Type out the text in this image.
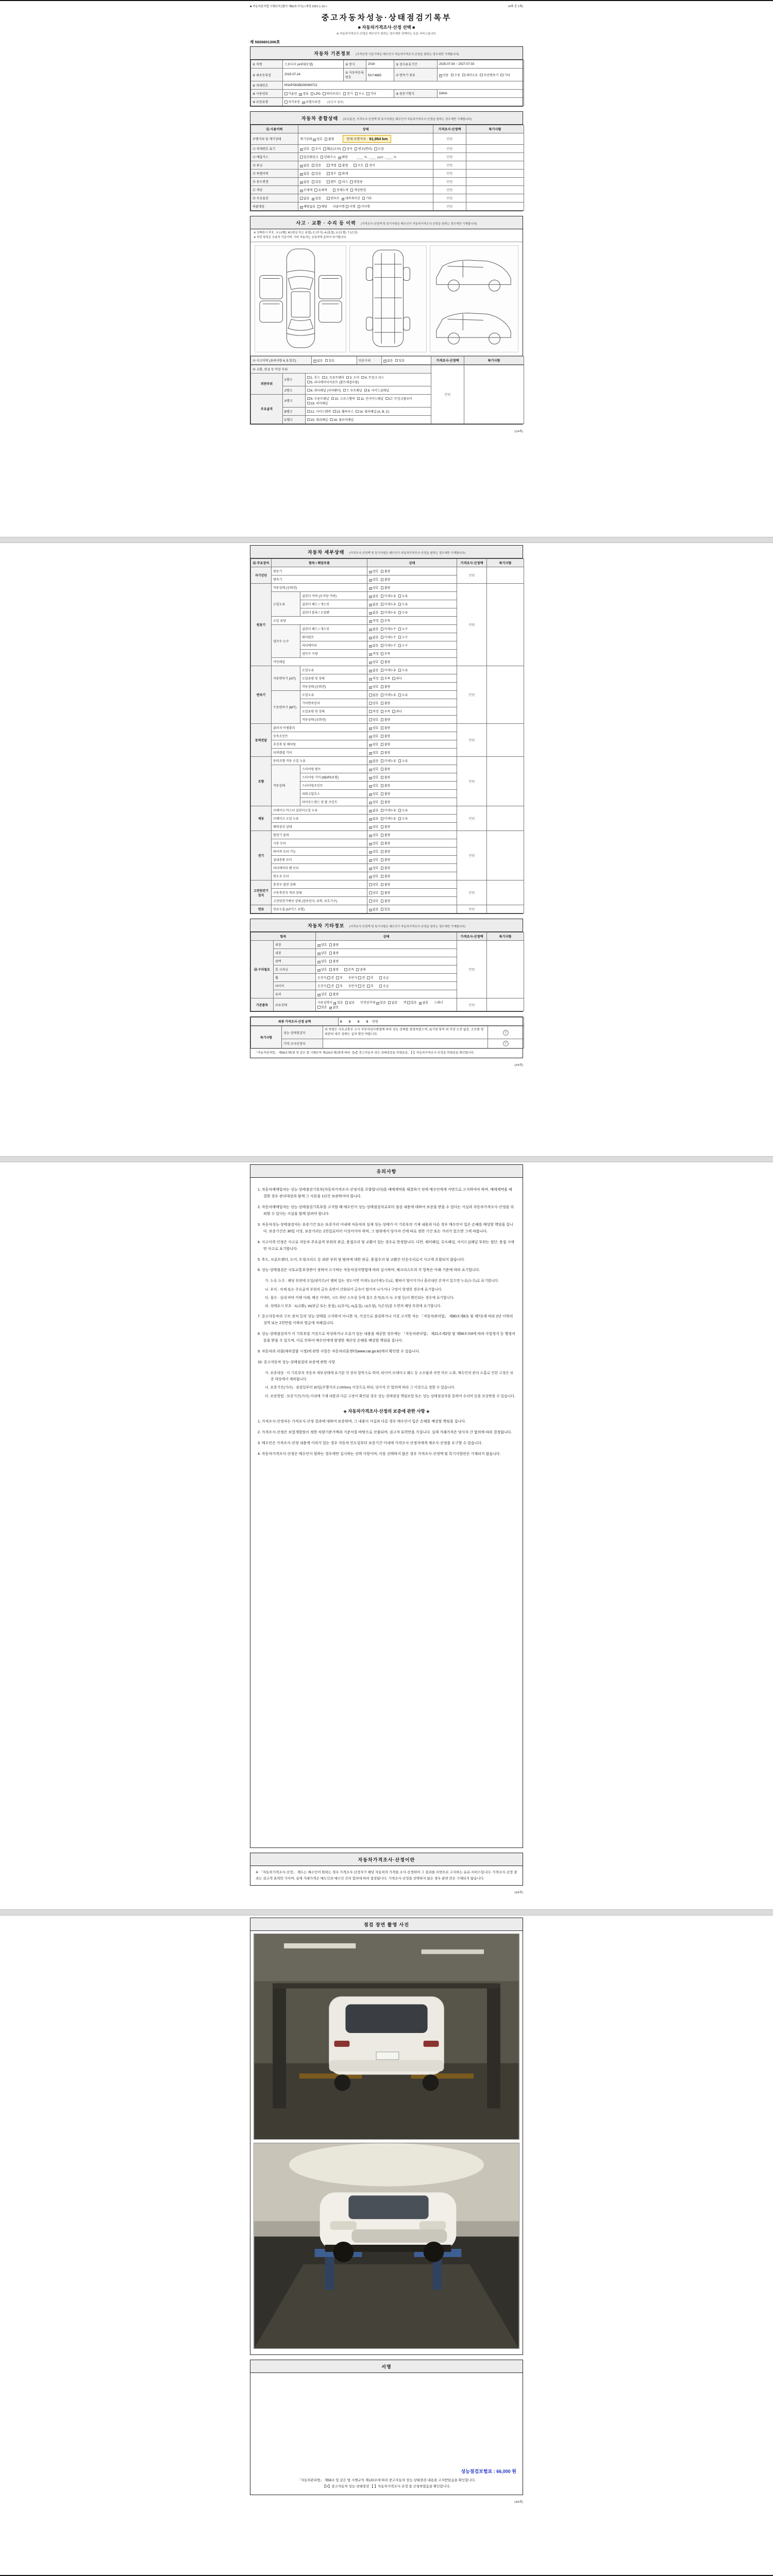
■ 자동차관리법 시행규칙 [별지 제82호서식] <개정 2021.1.19.>	(4쪽 중 1쪽)
중고자동차성능·상태점검기록부
■ 자동차가격조사·산정 선택 ■
※ 자동차가격조사·산정은 매수인이 원하는 경우에만 선택하는 유료 서비스입니다.
제 5926601306호
자동차 기본정보 (가격산정 기준가격은 매수인이 자동차가격조사·산정을 원하는 경우에만 기재합니다)
① 차명	스포티지 (4세대모델)	② 연식	2016	③ 검사유효기간	2025-07-04 ~ 2027-07-03
④ 최초등록일	2015-07-24	⑤ 자동차등록번호	53구4885	⑦ 변속기 종류	✓자동 수동 세미오토 무단변속기 기타
⑥ 차대번호	KNAPS81BDGK940721				
⑧ 사용연료	가솔린 ✓경유 LPG 하이브리드 전기 수소 기타			⑨ 원동기형식	D4HA
⑩ 보증유형	자가보증 ✓보험사보증 (보증서 첨부)				
자동차 종합상태 (주요옵션, 가격조사·산정액 및 특기사항은 매수인이 자동차가격조사·산정을 원하는 경우에만 기재합니다)
⑪ 사용이력	상태	가격조사·산정액	특기사항
주행거리 및 계기상태	계기상태 ✓양호 불량 현재 주행거리 : 91,954 km	만원	
⑫ 차대번호 표기	✓양호 부식 훼손(오타) 상이 변조(변타) 도말	만원	
⑬ 배출가스	일산화탄소 탄화수소 ✓매연 ____ % , ____ ppm , ____ %	만원	
⑭ 튜닝	✓없음 있음 적법 불법 구조 장치	만원	
⑮ 특별이력	✓없음 있음 침수 화재	만원	
⑯ 용도변경	✓없음 있음 렌트 리스 영업용	만원	
⑰ 색상	✓무채색 유채색 전체도색 색상변경	만원	
⑱ 주요옵션	없음 ✓있음 썬루프 ✓네비게이션 기타	만원	
리콜대상	✓해당없음 해당 리콜이행 이행 미이행	만원	
사고 · 교환 · 수리 등 이력 (가격조사·산정액 및 특기사항은 매수인이 자동차가격조사·산정을 원하는 경우에만 기재합니다)
※ 상태표시 부호 : X (교환), W (판금 또는 용접), C (부식), A (흠집), U (요철), T (손상)
※ 하단 항목은 승용차 기준이며, 기타 자동차는 승용차에 준하여 표기합니다.
⑲ 사고이력 (유의사항 4, 5 참조)	✓없음 있음	단순수리	✓없음 있음	가격조사·산정액	특기사항
⑳ 교환, 판금 등 이상 부위			만원	
외판부위	1랭크	1. 후드 2. 프론트펜더 3. 도어 4. 트렁크 리드5. 라디에이터서포트 (볼트체결부품)		
	2랭크	6. 쿼터패널 (리어펜더) 7. 루프패널 8. 사이드실패널		
주요골격	A랭크	9. 프론트패널 10. 크로스멤버 11. 인사이드패널 17. 트렁크플로어18. 리어패널		
	B랭크	12. 사이드멤버 13. 휠하우스 14. 필러패널 (A, B, C)		
	C랭크	15. 대쉬패널 16. 플로어패널		
(1/4쪽)
자동차 세부상태 (가격조사·산정액 및 특기사항은 매수인이 자동차가격조사·산정을 원하는 경우에만 기재합니다)
㉑ 주요장치	항목 / 해당부품		상태	가격조사·산정액	특기사항
자기진단	원동기		✓양호 불량	만원	
	변속기		✓양호 불량		
원동기	작동상태 (공회전)		✓양호 불량	만원	
	오일누유	실린더 커버 (로커암 커버)	✓없음 미세누유 누유		
		실린더 헤드 / 개스킷	✓없음 미세누유 누유		
		실린더 블록 / 오일팬	✓없음 미세누유 누유		
	오일 유량		✓적정 부족		
	냉각수 누수	실린더 헤드 / 개스킷	✓없음 미세누수 누수		
		워터펌프	✓없음 미세누수 누수		
		라디에이터	✓없음 미세누수 누수		
		냉각수 수량	✓적정 부족		
	커먼레일		✓양호 불량		
변속기	자동변속기 (A/T)	오일누유	✓없음 미세누유 누유	만원	
		오일유량 및 상태	✓적정 부족 과다		
		작동상태 (공회전)	✓양호 불량		
	수동변속기 (M/T)	오일누유	없음 미세누유 누유		
		기어변속장치	양호 불량		
		오일유량 및 상태	적정 부족 과다		
		작동상태 (공회전)	양호 불량		
동력전달	클러치 어셈블리		✓양호 불량	만원	
	등속조인트		✓양호 불량		
	추진축 및 베어링		✓양호 불량		
	디퍼렌셜 기어		✓양호 불량		
조향	동력조향 작동 오일 누유		✓없음 미세누유 누유	만원	
	작동상태	스티어링 펌프	✓양호 불량		
		스티어링 기어 (MDPS포함)	✓양호 불량		
		스티어링조인트	✓양호 불량		
		파워고압호스	✓양호 불량		
		타이로드엔드 및 볼 조인트	✓양호 불량		
제동	브레이크 마스터 실린더오일 누유		✓없음 미세누유 누유	만원	
	브레이크 오일 누유		✓없음 미세누유 누유		
	배력장치 상태		✓양호 불량		
전기	발전기 출력		✓양호 불량	만원	
	시동 모터		✓양호 불량		
	와이퍼 모터 기능		✓양호 불량		
	실내송풍 모터		✓양호 불량		
	라디에이터 팬 모터		✓양호 불량		
	윈도우 모터		✓양호 불량		
고전원전기장치	충전구 절연 상태		양호 불량	만원	
	구동축전지 격리 상태		양호 불량		
	고전원전기배선 상태 (접속단자, 피복, 보호기구)		양호 불량		
연료	연료누출 (LP가스 포함)		✓없음 있음	만원	
자동차 기타정보 (가격조사·산정액 및 특기사항은 매수인이 자동차가격조사·산정을 원하는 경우에만 기재합니다)
항목		상태	가격조사·산정액	특기사항
㉒ 수리필요	외장	✓양호 불량	만원	
	내장	✓양호 불량		
	광택	✓양호 불량		
	룸 크리닝	✓양호 불량 흔적 냄새		
	휠	운전석 전 후 동반석 전 후 응급		
	타이어	운전석 전 후 동반석 전 후 응급		
	유리	✓양호 불량		
기본품목	보유상태	사용설명서 ✓있음 없음 안전삼각대 ✓있음 없음 잭 있음 ✓없음 스패너있음 ✓없음	만원	
최종 가격조사·산정 금액	0 0 0 0 만원
특기사항	성능·상태점검자	위 차량은 국토교통부 고시 자동차검사방법에 따라 성능·상태를 점검하였으며, 표기된 항목 외 이상 소견 없음. 소모품 및 외관의 세부 상태는 실차 확인 바랍니다.	인
	가격·조사산정자		인
「자동차관리법」 제58조제1항 및 같은 법 시행규칙 제120조제1항에 따라 【V】중고자동차 성능·상태점검을 하였음을, 【 】자동차가격조사·산정을 하였음을 확인합니다.
(2/4쪽)
유의사항
1. 자동차매매업자는 성능·상태점검기록부(자동차가격조사·산정서를 포함합니다)를 매매계약을 체결하기 전에 매수인에게 서면으로 고지하여야 하며, 매매계약을 체결한 경우 관리대장과 함께 그 사본을 1년간 보관하여야 합니다.
2. 자동차매매업자는 성능·상태점검기록부를 고지할 때 매수인이 성능·상태점검자로부터 점검 내용에 대하여 보증을 받을 수 있다는 사실과 자동차가격조사·산정을 의뢰할 수 있다는 사실을 함께 알려야 합니다.
3. 자동차성능·상태점검자는 보증기간 또는 보증거리 이내에 자동차의 실제 성능·상태가 이 기록부의 기재 내용과 다른 경우 매수인이 입은 손해를 배상할 책임을 집니다. 보증기간은 30일 이상, 보증거리는 2천킬로미터 이상이어야 하며, 그 범위에서 당사자 간에 따로 정한 기간 또는 거리가 있으면 그에 따릅니다.
4. 사고이력 인정은 사고로 자동차 주요골격 부위의 판금, 용접수리 및 교환이 있는 경우로 한정합니다. 다만, 쿼터패널, 루프패널, 사이드실패널 부위는 절단, 용접 시에만 사고로 표기합니다.
5. 후드, 프론트펜더, 도어, 트렁크리드 등 외판 부위 및 범퍼에 대한 판금, 용접수리 및 교환은 단순수리로서 사고에 포함되지 않습니다.
6. 성능·상태점검은 국토교통부장관이 정하여 고시하는 자동차검사방법에 따라 실시하며, 체크리스트의 각 항목은 아래 기준에 따라 표기합니다.
가. 누유·누수 : 해당 부위에 오일(냉각수)이 맺혀 있는 정도이면 미세누유(미세누수)로, 맺혀서 떨어지거나 흘러내린 흔적이 있으면 누유(누수)로 표기합니다.
나. 부식 : 차체 또는 주요골격 부위의 금속 표면이 산화되어 금속이 떨어져 나가거나 구멍이 발생한 경우에 표기합니다.
다. 침수 : 실내 바닥 카펫 아래, 배선 커넥터, 시트 하단 스프링 등에 침수 흔적(토사·녹·오염 등)이 확인되는 경우에 표기합니다.
라. 상태표시 부호 : X(교환), W(판금 또는 용접), C(부식), A(흠집), U(요철), T(손상)를 도면의 해당 부위에 표기합니다.
7. 중고자동차의 구조·장치 등의 성능·상태를 고지하지 아니한 자, 거짓으로 점검하거나 거짓 고지한 자는 「자동차관리법」 제80조제6호 및 제7호에 따라 2년 이하의 징역 또는 2천만원 이하의 벌금에 처해집니다.
8. 성능·상태점검자가 이 기록부를 거짓으로 작성하거나 오류가 있는 내용을 제공한 경우에는 「자동차관리법」 제21조제2항 및 제58조의4에 따라 사업정지 등 행정처분을 받을 수 있으며, 이로 인하여 매수인에게 발생한 재산상 손해를 배상할 책임을 집니다.
9. 자동차의 리콜(제작결함 시정)에 관한 사항은 자동차리콜센터(www.car.go.kr)에서 확인할 수 있습니다.
10. 중고자동차 성능·상태점검의 보증에 관한 사항
가. 보증대상 : 이 기록부의 자동차 세부상태에 표기된 각 장치 항목으로 하며, 타이어·브레이크 패드 등 소모품과 자연 마모·노화, 매수인의 관리 소홀로 인한 고장은 보증 대상에서 제외됩니다.
나. 보증기간(거리) : 점검일부터 30일(주행거리 2,000km) 이상으로 하되, 당사자 간 합의에 따라 그 이상으로 정할 수 있습니다.
다. 보증방법 : 보증기간(거리) 이내에 기재 내용과 다른 고장이 확인된 경우 성능·상태점검 책임보험 또는 성능·상태점검자를 통하여 수리비 등을 보상받을 수 있습니다.
◈ 자동차가격조사·산정의 보증에 관한 사항 ◈
1. 가격조사·산정자는 가격조사·산정 결과에 대하여 보증하며, 그 내용이 사실과 다른 경우 매수인이 입은 손해를 배상할 책임을 집니다.
2. 가격조사·산정은 보험개발원이 정한 차량기준가액과 기준서를 바탕으로 산출되며, 권고적 효력만을 가집니다. 실제 거래가격은 당사자 간 합의에 따라 결정됩니다.
3. 매수인은 가격조사·산정 내용에 이의가 있는 경우 자동차 인도일부터 보증기간 이내에 가격조사·산정자에게 재조사·산정을 요구할 수 있습니다.
4. 자동차가격조사·산정은 매수인이 원하는 경우에만 실시하는 선택 사항이며, 이를 선택하지 않은 경우 가격조사·산정액 및 특기사항란은 기재되지 않습니다.
자동차가격조사·산정이란
※ 「자동차가격조사·산정」 제도는 매수인이 원하는 경우 가격조사·산정자가 해당 자동차의 가격을 조사·산정하여 그 결과를 서면으로 고지하는 유료 서비스입니다. 가격조사·산정 결과는 권고적 효력만 가지며, 실제 거래가격은 매도인과 매수인 간의 합의에 따라 결정됩니다. 가격조사·산정을 선택하지 않은 경우 관련 란은 기재되지 않습니다.
(3/4쪽)
점검 장면 촬영 사진
서명
성능점검보험료 : 66,000 원
「자동차관리법」 제58조 및 같은 법 시행규칙 제120조에 따라 중고자동차 성능·상태점검 내용을 고지받았음을 확인합니다.
【V】중고자동차 성능·상태점검 【 】자동차가격조사·산정 을 신청하였음을 확인합니다.
(4/4쪽)
